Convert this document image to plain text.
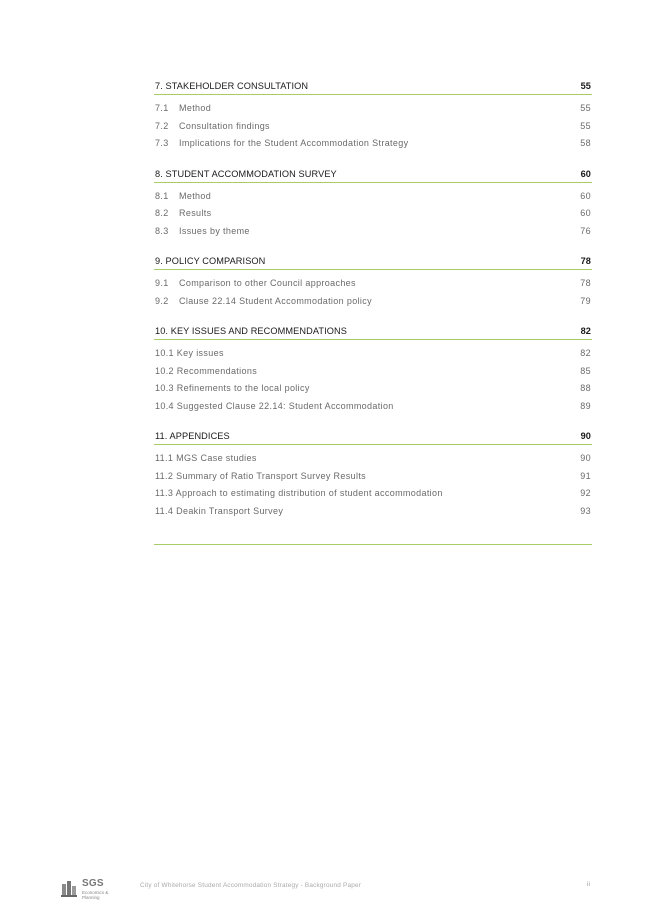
7. STAKEHOLDER CONSULTATION	55
7.1 Method	55
7.2 Consultation findings	55
7.3 Implications for the Student Accommodation Strategy	58
8. STUDENT ACCOMMODATION SURVEY	60
8.1 Method	60
8.2 Results	60
8.3 Issues by theme	76
9. POLICY COMPARISON	78
9.1 Comparison to other Council approaches	78
9.2 Clause 22.14 Student Accommodation policy	79
10. KEY ISSUES AND RECOMMENDATIONS	82
10.1 Key issues	82
10.2 Recommendations	85
10.3 Refinements to the local policy	88
10.4 Suggested Clause 22.14: Student Accommodation	89
11. APPENDICES	90
11.1 MGS Case studies	90
11.2 Summary of Ratio Transport Survey Results	91
11.3 Approach to estimating distribution of student accommodation	92
11.4 Deakin Transport Survey	93
SGS
Economics & Planning
City of Whitehorse Student Accommodation Strategy - Background Paper	ii
